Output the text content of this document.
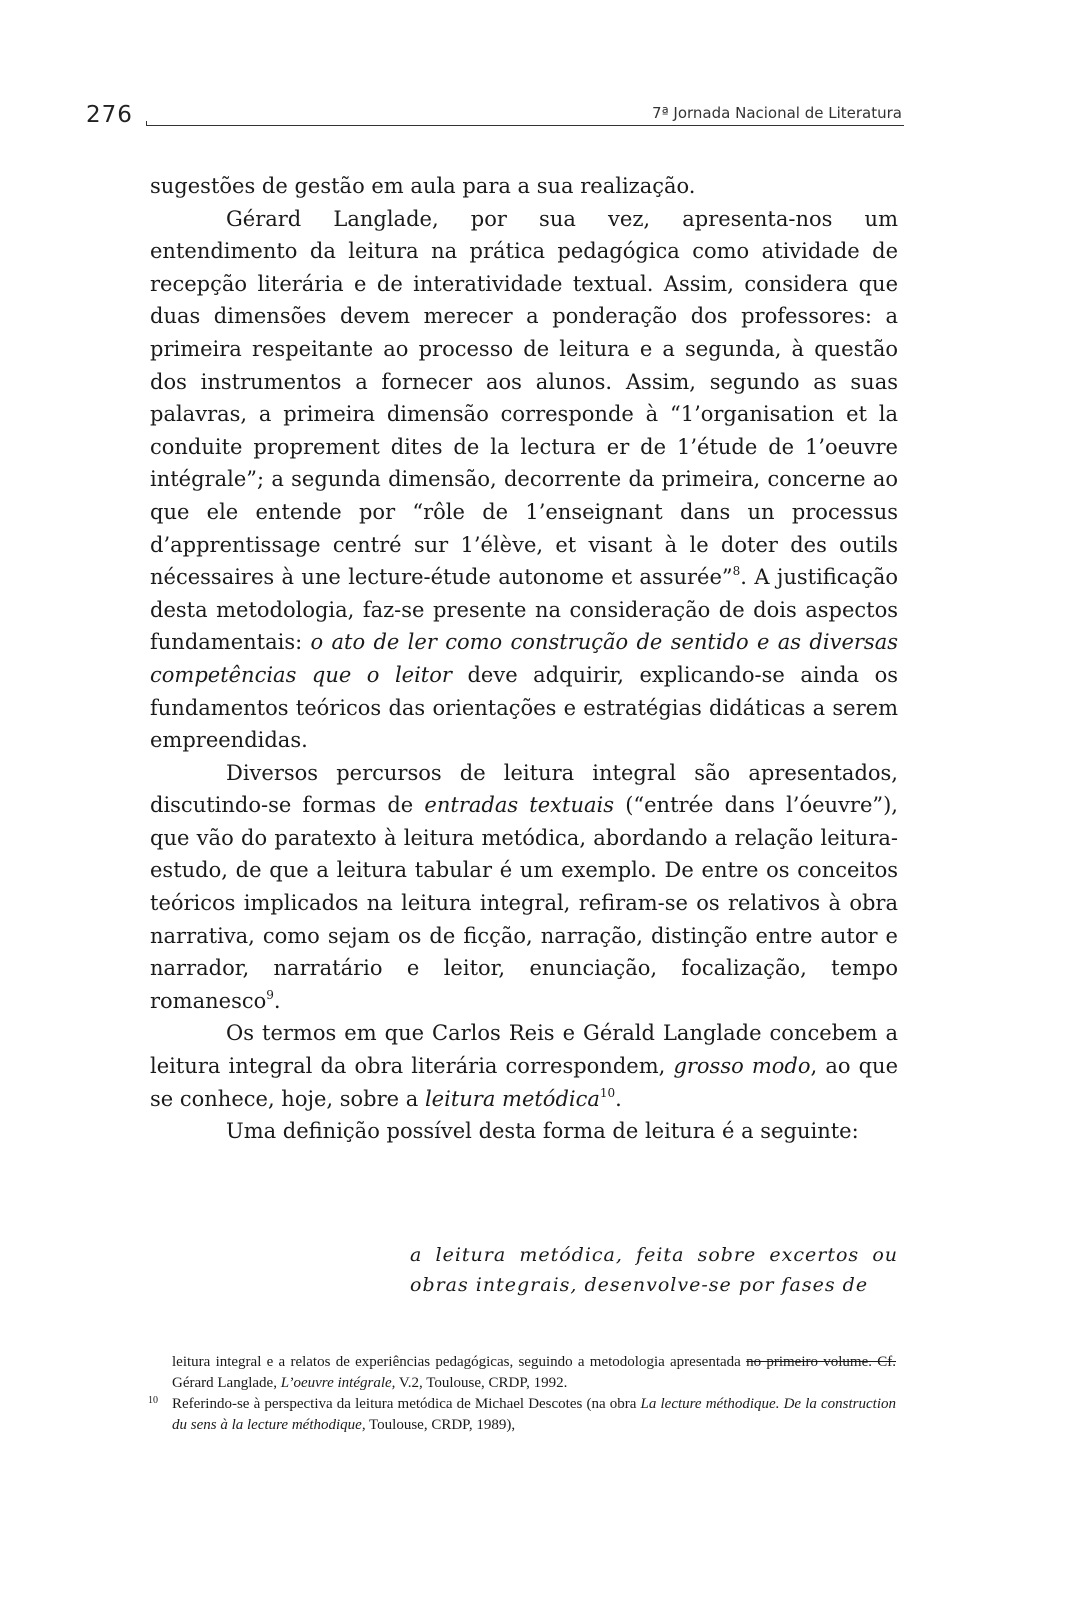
276	7ª Jornada Nacional de Literatura

sugestões de gestão em aula para a sua realização.

Gérard Langlade, por sua vez, apresenta-nos um entendimento da leitura na prática pedagógica como atividade de recepção literária e de interatividade textual. Assim, considera que duas dimensões devem merecer a ponderação dos professores: a primeira respeitante ao processo de leitura e a segunda, à questão dos instrumentos a fornecer aos alunos. Assim, segundo as suas palavras, a primeira dimensão corresponde à “1’organisation et la conduite proprement dites de la lectura er de 1’étude de 1’oeuvre intégrale”; a segunda dimensão, decorrente da primeira, concerne ao que ele entende por “rôle de 1’enseignant dans un processus d’apprentissage centré sur 1’élève, et visant à le doter des outils nécessaires à une lecture-étude autonome et assurée”$^8$. A justificação desta metodologia, faz-se presente na consideração de dois aspectos fundamentais: o ato de ler como construção de sentido e as diversas competências que o leitor deve adquirir, explicando-se ainda os fundamentos teóricos das orientações e estratégias didáticas a serem empreendidas.

Diversos percursos de leitura integral são apresentados, discutindo-se formas de entradas textuais (“entrée dans l’óeuvre”), que vão do paratexto à leitura metódica, abordando a relação leitura-estudo, de que a leitura tabular é um exemplo. De entre os conceitos teóricos implicados na leitura integral, refiram-se os relativos à obra narrativa, como sejam os de ficção, narração, distinção entre autor e narrador, narratário e leitor, enunciação, focalização, tempo romanesco$^9$.

Os termos em que Carlos Reis e Gérald Langlade concebem a leitura integral da obra literária correspondem, grosso modo, ao que se conhece, hoje, sobre a leitura metódica$^{10}$.

Uma definição possível desta forma de leitura é a seguinte:

a leitura metódica, feita sobre excertos ou obras integrais, desenvolve-se por fases de
leitura integral e a relatos de experiências pedagógicas, seguindo a metodologia apresentada no primeiro volume. Cf. Gérard Langlade, L’oeuvre intégrale, V.2, Toulouse, CRDP, 1992.
10 Referindo-se à perspectiva da leitura metódica de Michael Descotes (na obra La lecture méthodique. De la construction du sens à la lecture méthodique, Toulouse, CRDP, 1989),
